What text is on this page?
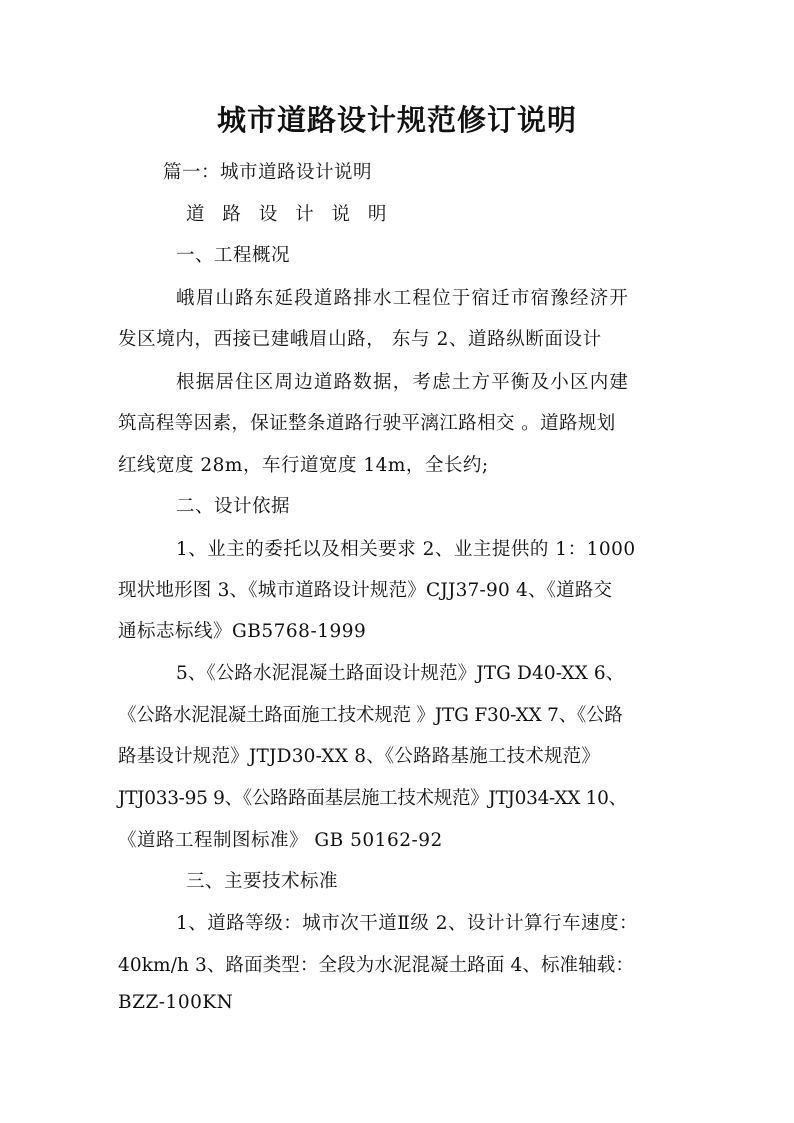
城市道路设计规范修订说明
篇一：城市道路设计说明
道 路 设 计 说 明
一、工程概况
峨眉山路东延段道路排水工程位于宿迁市宿豫经济开
发区境内，西接已建峨眉山路， 东与 2、道路纵断面设计
根据居住区周边道路数据，考虑土方平衡及小区内建
筑高程等因素，保证整条道路行驶平漓江路相交 。道路规划
红线宽度 28m，车行道宽度 14m，全长约;
二、设计依据
1、业主的委托以及相关要求 2、业主提供的 1：1000
现状地形图 3、《城市道路设计规范》CJJ37-90 4、《道路交
通标志标线》GB5768-1999
5、《公路水泥混凝土路面设计规范》JTG D40-XX 6、
《公路水泥混凝土路面施工技术规范 》JTG F30-XX 7、《公路
路基设计规范》JTJD30-XX 8、《公路路基施工技术规范》
JTJ033-95 9、《公路路面基层施工技术规范》JTJ034-XX 10、
《道路工程制图标准》 GB 50162-92
三、主要技术标准
1、道路等级：城市次干道Ⅱ级 2、设计计算行车速度：
40km/h 3、路面类型：全段为水泥混凝土路面 4、标准轴载：
BZZ-100KN
